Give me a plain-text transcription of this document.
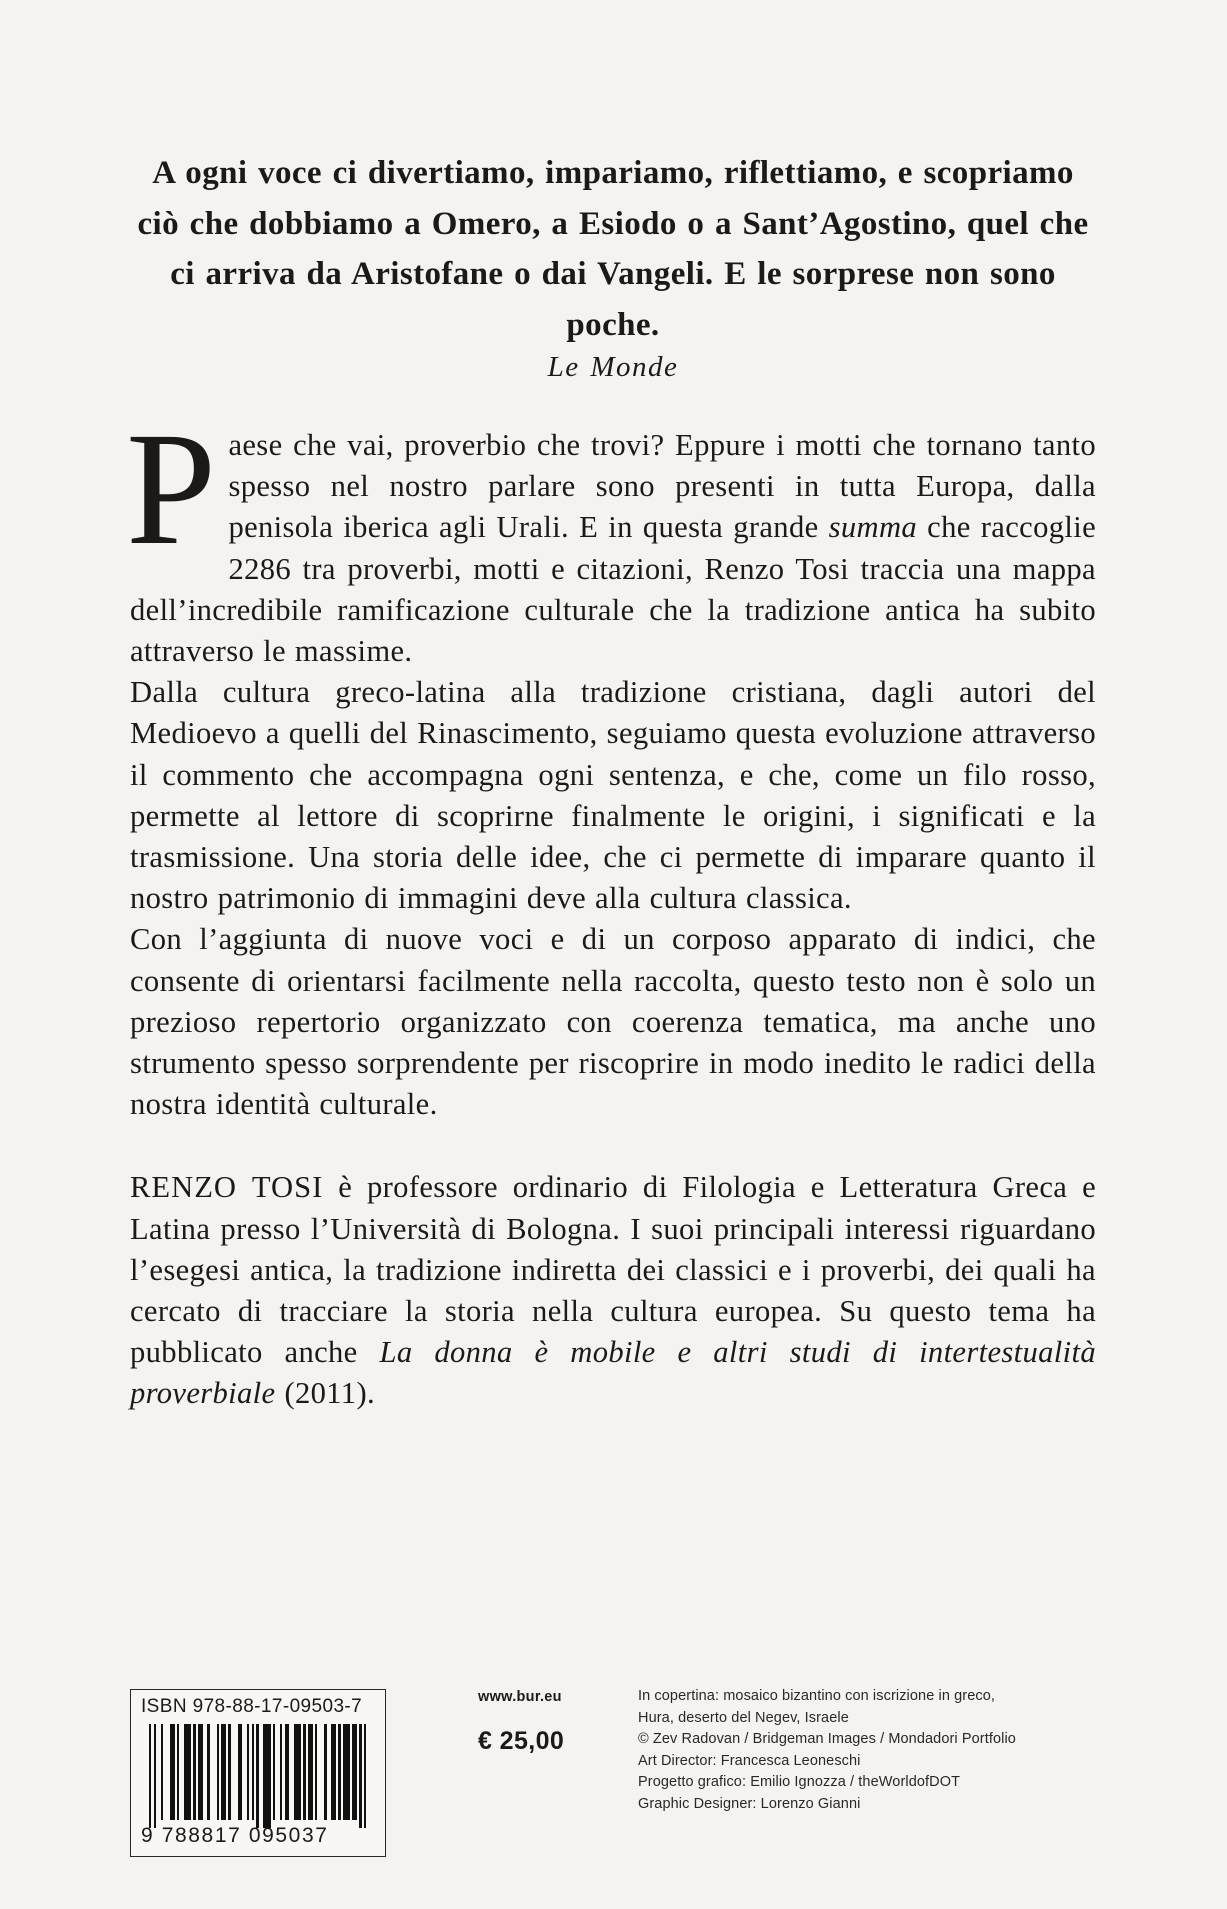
A ogni voce ci divertiamo, impariamo, riflettiamo, e scopriamo ciò che dobbiamo a Omero, a Esiodo o a Sant’Agostino, quel che ci arriva da Aristofane o dai Vangeli. E le sorprese non sono poche.
Le Monde

Paese che vai, proverbio che trovi? Eppure i motti che tornano tanto spesso nel nostro parlare sono presenti in tutta Europa, dalla penisola iberica agli Urali. E in questa grande summa che raccoglie 2286 tra proverbi, motti e citazioni, Renzo Tosi traccia una mappa dell’incredibile ramificazione culturale che la tradizione antica ha subito attraverso le massime.

Dalla cultura greco-latina alla tradizione cristiana, dagli autori del Medioevo a quelli del Rinascimento, seguiamo questa evoluzione attraverso il commento che accompagna ogni sentenza, e che, come un filo rosso, permette al lettore di scoprirne finalmente le origini, i significati e la trasmissione. Una storia delle idee, che ci permette di imparare quanto il nostro patrimonio di immagini deve alla cultura classica.

Con l’aggiunta di nuove voci e di un corposo apparato di indici, che consente di orientarsi facilmente nella raccolta, questo testo non è solo un prezioso repertorio organizzato con coerenza tematica, ma anche uno strumento spesso sorprendente per riscoprire in modo inedito le radici della nostra identità culturale.

RENZO TOSI è professore ordinario di Filologia e Letteratura Greca e Latina presso l’Università di Bologna. I suoi principali interessi riguardano l’esegesi antica, la tradizione indiretta dei classici e i proverbi, dei quali ha cercato di tracciare la storia nella cultura europea. Su questo tema ha pubblicato anche La donna è mobile e altri studi di intertestualità proverbiale (2011).

ISBN 978-88-17-09503-7
9 788817 095037
www.bur.eu
€ 25,00
In copertina: mosaico bizantino con iscrizione in greco,
Hura, deserto del Negev, Israele
© Zev Radovan / Bridgeman Images / Mondadori Portfolio
Art Director: Francesca Leoneschi
Progetto grafico: Emilio Ignozza / theWorldofDOT
Graphic Designer: Lorenzo Gianni
